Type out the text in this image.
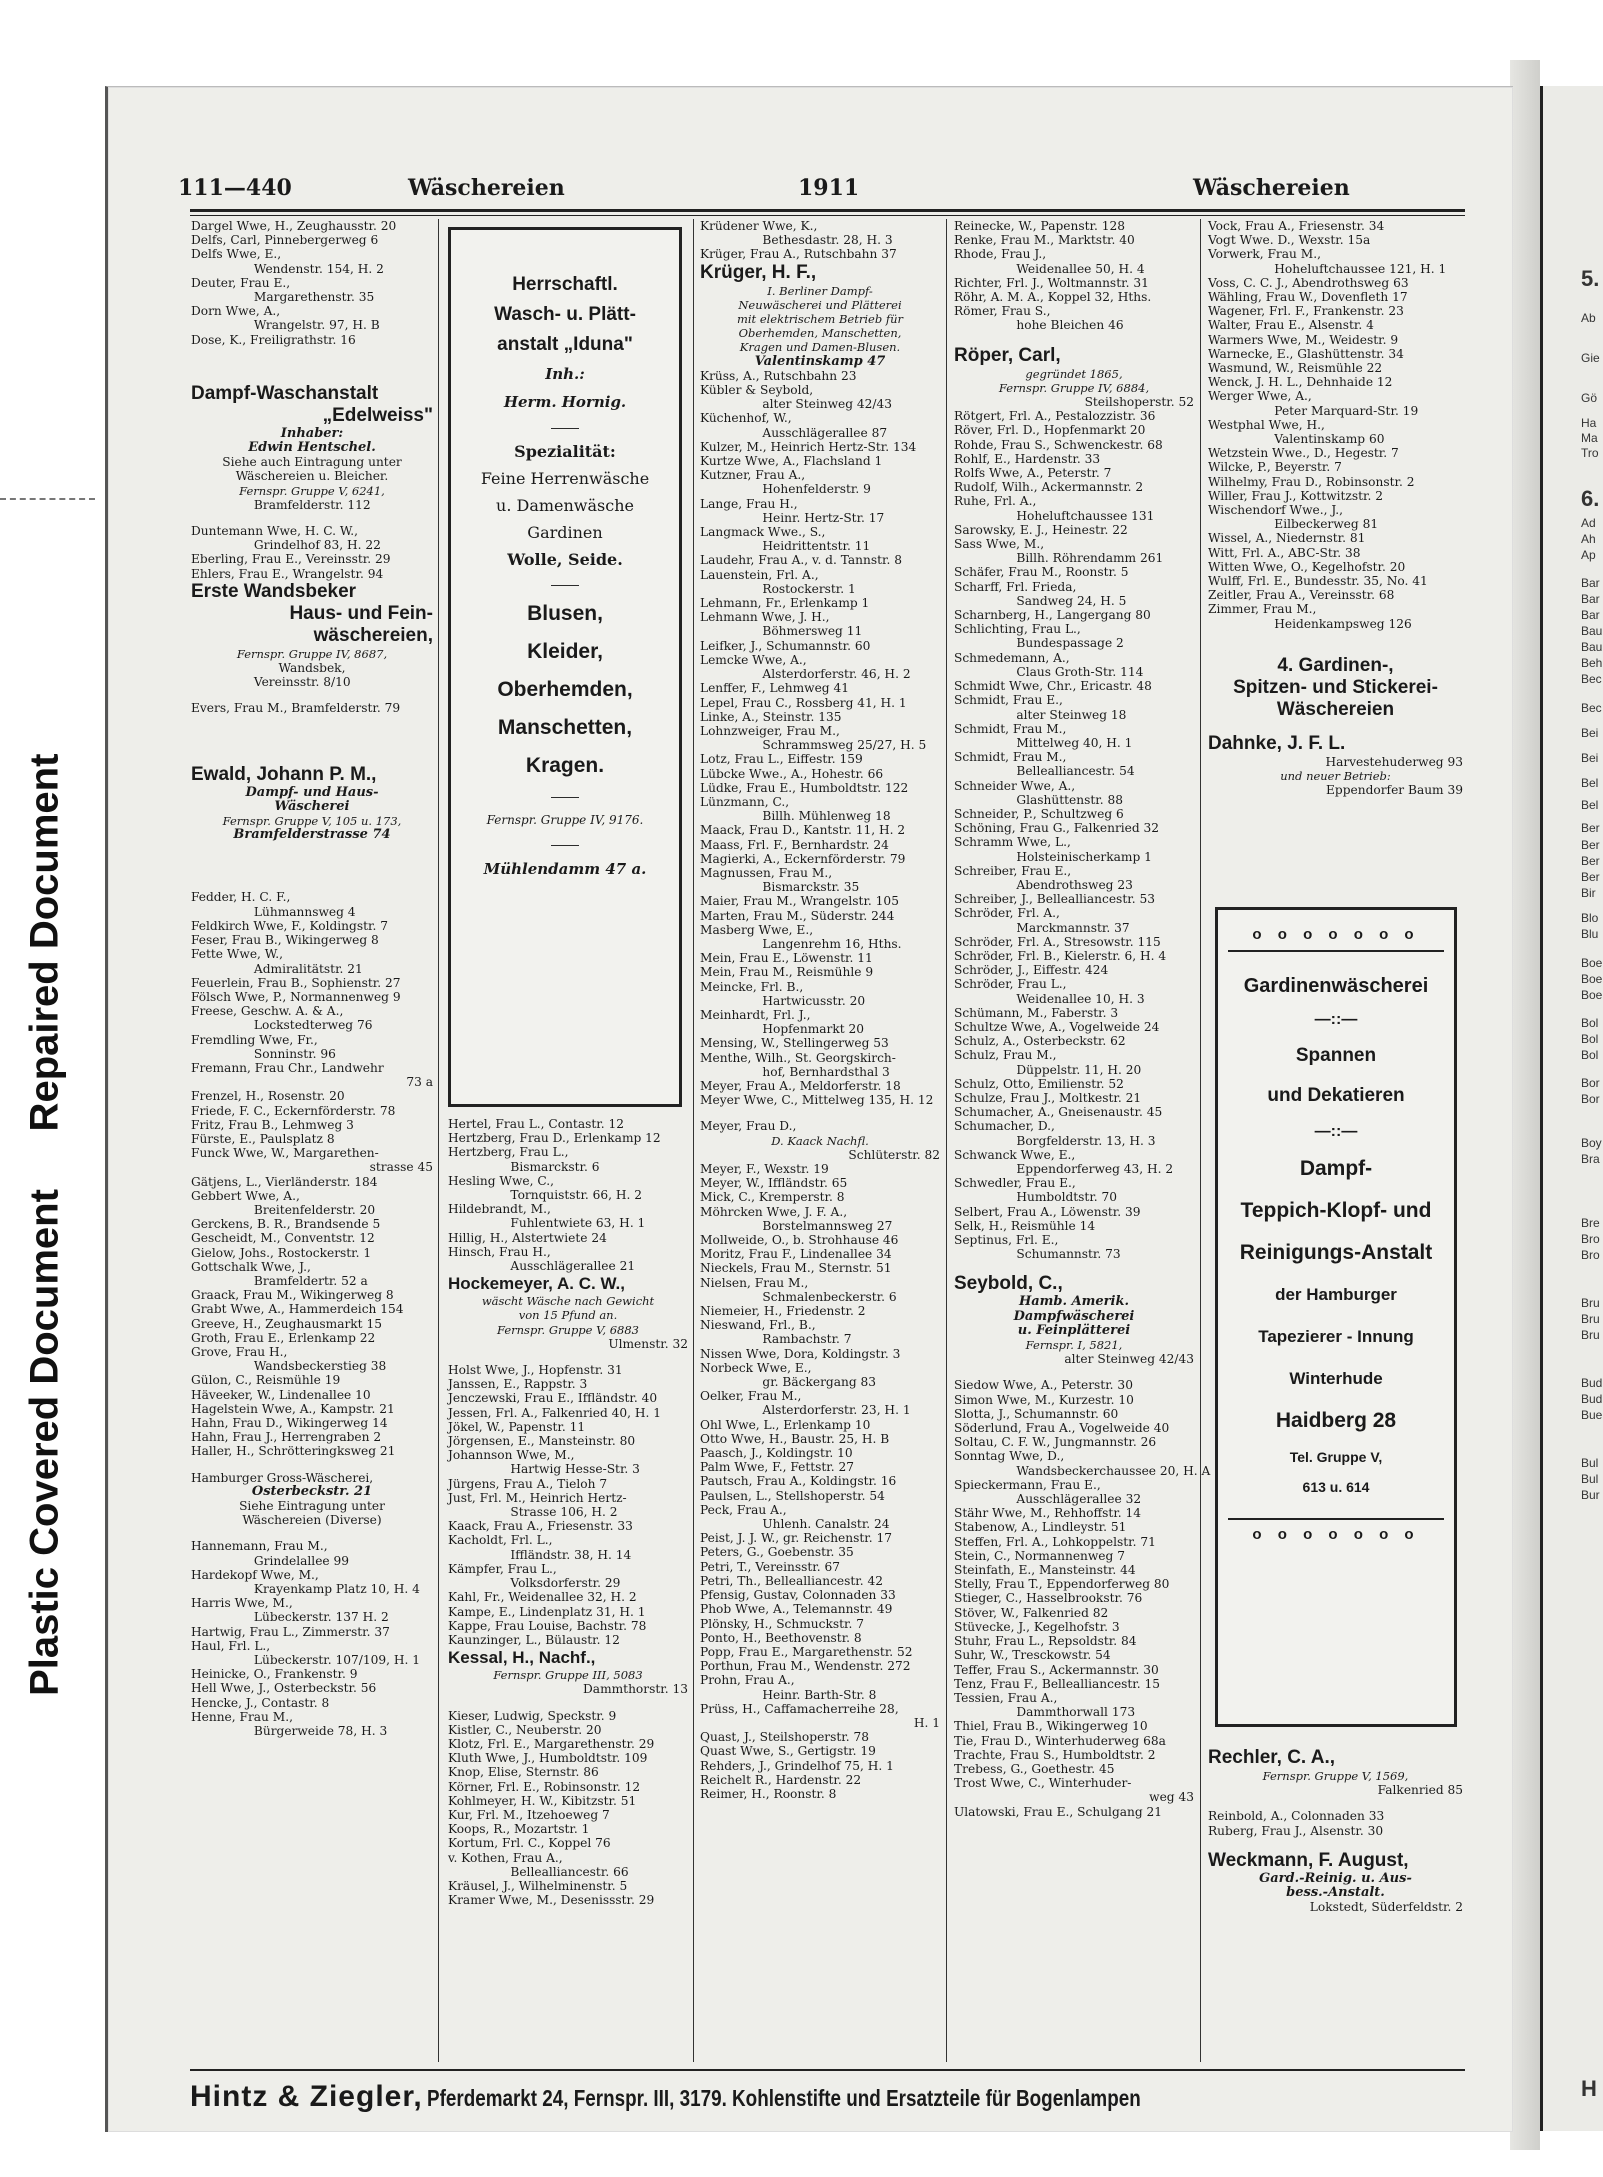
Repaired Document
Plastic Covered Document
5.
Ab
Gie
Gö
Ha
Ma
Tro
6.
Ad
Ah
Ap
Bar
Bar
Bar
Bau
Bau
Beh
Bec
Bec
Bei
Bei
Bel
Bel
Ber
Ber
Ber
Ber
Bir
Blo
Blu
Boe
Boe
Boe
Bol
Bol
Bol
Bor
Bor
Boy
Bra
Bre
Bro
Bro
Bru
Bru
Bru
Bud
Bud
Bue
Bul
Bul
Bur
H
111—440	Wäschereien	1911	Wäschereien
Dargel Wwe, H., Zeughausstr. 20
Delfs, Carl, Pinnebergerweg 6
Delfs Wwe, E.,
Wendenstr. 154, H. 2
Deuter, Frau E.,
Margarethenstr. 35
Dorn Wwe, A.,
Wrangelstr. 97, H. B
Dose, K., Freiligrathstr. 16
Dampf-Waschanstalt
„Edelweiss"
Inhaber:
Edwin Hentschel.
Siehe auch Eintragung unter
Wäschereien u. Bleicher.
Fernspr. Gruppe V, 6241,
Bramfelderstr. 112
Duntemann Wwe, H. C. W.,
Grindelhof 83, H. 22
Eberling, Frau E., Vereinsstr. 29
Ehlers, Frau E., Wrangelstr. 94
Erste Wandsbeker
Haus- und Fein-
wäschereien,
Fernspr. Gruppe IV, 8687,
Wandsbek,
Vereinsstr. 8/10
Evers, Frau M., Bramfelderstr. 79
Ewald, Johann P. M.,
Dampf- und Haus-
Wäscherei
Fernspr. Gruppe V, 105 u. 173,
Bramfelderstrasse 74
Fedder, H. C. F.,
Lühmannsweg 4
Feldkirch Wwe, F., Koldingstr. 7
Feser, Frau B., Wikingerweg 8
Fette Wwe, W.,
Admiralitätstr. 21
Feuerlein, Frau B., Sophienstr. 27
Fölsch Wwe, P., Normannenweg 9
Freese, Geschw. A. & A.,
Lockstedterweg 76
Fremdling Wwe, Fr.,
Sonninstr. 96
Fremann, Frau Chr., Landwehr
73 a
Frenzel, H., Rosenstr. 20
Friede, F. C., Eckernförderstr. 78
Fritz, Frau B., Lehmweg 3
Fürste, E., Paulsplatz 8
Funck Wwe, W., Margarethen-
strasse 45
Gätjens, L., Vierländerstr. 184
Gebbert Wwe, A.,
Breitenfelderstr. 20
Gerckens, B. R., Brandsende 5
Gescheidt, M., Conventstr. 12
Gielow, Johs., Rostockerstr. 1
Gottschalk Wwe, J.,
Bramfeldertr. 52 a
Graack, Frau M., Wikingerweg 8
Grabt Wwe, A., Hammerdeich 154
Greeve, H., Zeughausmarkt 15
Groth, Frau E., Erlenkamp 22
Grove, Frau H.,
Wandsbeckerstieg 38
Gülon, C., Reismühle 19
Häveeker, W., Lindenallee 10
Hagelstein Wwe, A., Kampstr. 21
Hahn, Frau D., Wikingerweg 14
Hahn, Frau J., Herrengraben 2
Haller, H., Schrötteringksweg 21
Hamburger Gross-Wäscherei,
Osterbeckstr. 21
Siehe Eintragung unter
Wäschereien (Diverse)
Hannemann, Frau M.,
Grindelallee 99
Hardekopf Wwe, M.,
Krayenkamp Platz 10, H. 4
Harris Wwe, M.,
Lübeckerstr. 137 H. 2
Hartwig, Frau L., Zimmerstr. 37
Haul, Frl. L.,
Lübeckerstr. 107/109, H. 1
Heinicke, O., Frankenstr. 9
Hell Wwe, J., Osterbeckstr. 56
Hencke, J., Contastr. 8
Henne, Frau M.,
Bürgerweide 78, H. 3
Herrschaftl.
Wasch- u. Plätt-
anstalt „Iduna"
Inh.:
Herm. Hornig.
——
Spezialität:
Feine Herrenwäsche
u. Damenwäsche
Gardinen
Wolle, Seide.
——
Blusen,
Kleider,
Oberhemden,
Manschetten,
Kragen.
——
Fernspr. Gruppe IV, 9176.
——
Mühlendamm 47 a.
Hertel, Frau L., Contastr. 12
Hertzberg, Frau D., Erlenkamp 12
Hertzberg, Frau L.,
Bismarckstr. 6
Hesling Wwe, C.,
Tornquiststr. 66, H. 2
Hildebrandt, M.,
Fuhlentwiete 63, H. 1
Hillig, H., Alstertwiete 24
Hinsch, Frau H.,
Ausschlägerallee 21
Hockemeyer, A. C. W.,
wäscht Wäsche nach Gewicht
von 15 Pfund an.
Fernspr. Gruppe V, 6883
Ulmenstr. 32
Holst Wwe, J., Hopfenstr. 31
Janssen, E., Rappstr. 3
Jenczewski, Frau E., Iffländstr. 40
Jessen, Frl. A., Falkenried 40, H. 1
Jökel, W., Papenstr. 11
Jörgensen, E., Mansteinstr. 80
Johannson Wwe, M.,
Hartwig Hesse-Str. 3
Jürgens, Frau A., Tieloh 7
Just, Frl. M., Heinrich Hertz-
Strasse 106, H. 2
Kaack, Frau A., Friesenstr. 33
Kacholdt, Frl. L.,
Iffländstr. 38, H. 14
Kämpfer, Frau L.,
Volksdorferstr. 29
Kahl, Fr., Weidenallee 32, H. 2
Kampe, E., Lindenplatz 31, H. 1
Kappe, Frau Louise, Bachstr. 78
Kaunzinger, L., Bülaustr. 12
Kessal, H., Nachf.,
Fernspr. Gruppe III, 5083
Dammthorstr. 13
Kieser, Ludwig, Speckstr. 9
Kistler, C., Neuberstr. 20
Klotz, Frl. E., Margarethenstr. 29
Kluth Wwe, J., Humboldtstr. 109
Knop, Elise, Sternstr. 86
Körner, Frl. E., Robinsonstr. 12
Kohlmeyer, H. W., Kibitzstr. 51
Kur, Frl. M., Itzehoeweg 7
Koops, R., Mozartstr. 1
Kortum, Frl. C., Koppel 76
v. Kothen, Frau A.,
Bellealliancestr. 66
Kräusel, J., Wilhelminenstr. 5
Kramer Wwe, M., Desenissstr. 29
Krüdener Wwe, K.,
Bethesdastr. 28, H. 3
Krüger, Frau A., Rutschbahn 37
Krüger, H. F.,
I. Berliner Dampf-
Neuwäscherei und Plätterei
mit elektrischem Betrieb für
Oberhemden, Manschetten,
Kragen und Damen-Blusen.
Valentinskamp 47
Krüss, A., Rutschbahn 23
Kübler & Seybold,
alter Steinweg 42/43
Küchenhof, W.,
Ausschlägerallee 87
Kulzer, M., Heinrich Hertz-Str. 134
Kurtze Wwe, A., Flachsland 1
Kutzner, Frau A.,
Hohenfelderstr. 9
Lange, Frau H.,
Heinr. Hertz-Str. 17
Langmack Wwe., S.,
Heidrittentstr. 11
Laudehr, Frau A., v. d. Tannstr. 8
Lauenstein, Frl. A.,
Rostockerstr. 1
Lehmann, Fr., Erlenkamp 1
Lehmann Wwe, J. H.,
Böhmersweg 11
Leifker, J., Schumannstr. 60
Lemcke Wwe, A.,
Alsterdorferstr. 46, H. 2
Lenffer, F., Lehmweg 41
Lepel, Frau C., Rossberg 41, H. 1
Linke, A., Steinstr. 135
Lohnzweiger, Frau M.,
Schrammsweg 25/27, H. 5
Lotz, Frau L., Eiffestr. 159
Lübcke Wwe., A., Hohestr. 66
Lüdke, Frau E., Humboldtstr. 122
Lünzmann, C.,
Billh. Mühlenweg 18
Maack, Frau D., Kantstr. 11, H. 2
Maass, Frl. F., Bernhardstr. 24
Magierki, A., Eckernförderstr. 79
Magnussen, Frau M.,
Bismarckstr. 35
Maier, Frau M., Wrangelstr. 105
Marten, Frau M., Süderstr. 244
Masberg Wwe, E.,
Langenrehm 16, Hths.
Mein, Frau E., Löwenstr. 11
Mein, Frau M., Reismühle 9
Meincke, Frl. B.,
Hartwicusstr. 20
Meinhardt, Frl. J.,
Hopfenmarkt 20
Mensing, W., Stellingerweg 53
Menthe, Wilh., St. Georgskirch-
hof, Bernhardsthal 3
Meyer, Frau A., Meldorferstr. 18
Meyer Wwe, C., Mittelweg 135, H. 12
Meyer, Frau D.,
D. Kaack Nachfl.
Schlüterstr. 82
Meyer, F., Wexstr. 19
Meyer, W., Iffländstr. 65
Mick, C., Kremperstr. 8
Möhrcken Wwe, J. F. A.,
Borstelmannsweg 27
Mollweide, O., b. Strohhause 46
Moritz, Frau F., Lindenallee 34
Nieckels, Frau M., Sternstr. 51
Nielsen, Frau M.,
Schmalenbeckerstr. 6
Niemeier, H., Friedenstr. 2
Nieswand, Frl., B.,
Rambachstr. 7
Nissen Wwe, Dora, Koldingstr. 3
Norbeck Wwe, E.,
gr. Bäckergang 83
Oelker, Frau M.,
Alsterdorferstr. 23, H. 1
Ohl Wwe, L., Erlenkamp 10
Otto Wwe, H., Baustr. 25, H. B
Paasch, J., Koldingstr. 10
Palm Wwe, F., Fettstr. 27
Pautsch, Frau A., Koldingstr. 16
Paulsen, L., Stellshoperstr. 54
Peck, Frau A.,
Uhlenh. Canalstr. 24
Peist, J. J. W., gr. Reichenstr. 17
Peters, G., Goebenstr. 35
Petri, T., Vereinsstr. 67
Petri, Th., Bellealliancestr. 42
Pfensig, Gustav, Colonnaden 33
Phob Wwe, A., Telemannstr. 49
Plönsky, H., Schmuckstr. 7
Ponto, H., Beethovenstr. 8
Popp, Frau E., Margarethenstr. 52
Porthun, Frau M., Wendenstr. 272
Prohn, Frau A.,
Heinr. Barth-Str. 8
Prüss, H., Caffamacherreihe 28,
H. 1
Quast, J., Steilshoperstr. 78
Quast Wwe, S., Gertigstr. 19
Rehders, J., Grindelhof 75, H. 1
Reichelt R., Hardenstr. 22
Reimer, H., Roonstr. 8
Reinecke, W., Papenstr. 128
Renke, Frau M., Marktstr. 40
Rhode, Frau J.,
Weidenallee 50, H. 4
Richter, Frl. J., Woltmannstr. 31
Röhr, A. M. A., Koppel 32, Hths.
Römer, Frau S.,
hohe Bleichen 46
Röper, Carl,
gegründet 1865,
Fernspr. Gruppe IV, 6884,
Steilshoperstr. 52
Rötgert, Frl. A., Pestalozzistr. 36
Röver, Frl. D., Hopfenmarkt 20
Rohde, Frau S., Schwenckestr. 68
Rohlf, E., Hardenstr. 33
Rolfs Wwe, A., Peterstr. 7
Rudolf, Wilh., Ackermannstr. 2
Ruhe, Frl. A.,
Hoheluftchaussee 131
Sarowsky, E. J., Heinestr. 22
Sass Wwe, M.,
Billh. Röhrendamm 261
Schäfer, Frau M., Roonstr. 5
Scharff, Frl. Frieda,
Sandweg 24, H. 5
Scharnberg, H., Langergang 80
Schlichting, Frau L.,
Bundespassage 2
Schmedemann, A.,
Claus Groth-Str. 114
Schmidt Wwe, Chr., Ericastr. 48
Schmidt, Frau E.,
alter Steinweg 18
Schmidt, Frau M.,
Mittelweg 40, H. 1
Schmidt, Frau M.,
Bellealliancestr. 54
Schneider Wwe, A.,
Glashüttenstr. 88
Schneider, P., Schultzweg 6
Schöning, Frau G., Falkenried 32
Schramm Wwe, L.,
Holsteinischerkamp 1
Schreiber, Frau E.,
Abendrothsweg 23
Schreiber, J., Bellealliancestr. 53
Schröder, Frl. A.,
Marckmannstr. 37
Schröder, Frl. A., Stresowstr. 115
Schröder, Frl. B., Kielerstr. 6, H. 4
Schröder, J., Eiffestr. 424
Schröder, Frau L.,
Weidenallee 10, H. 3
Schümann, M., Faberstr. 3
Schultze Wwe, A., Vogelweide 24
Schulz, A., Osterbeckstr. 62
Schulz, Frau M.,
Düppelstr. 11, H. 20
Schulz, Otto, Emilienstr. 52
Schulze, Frau J., Moltkestr. 21
Schumacher, A., Gneisenaustr. 45
Schumacher, D.,
Borgfelderstr. 13, H. 3
Schwanck Wwe, E.,
Eppendorferweg 43, H. 2
Schwedler, Frau E.,
Humboldtstr. 70
Selbert, Frau A., Löwenstr. 39
Selk, H., Reismühle 14
Septinus, Frl. E.,
Schumannstr. 73
Seybold, C.,
Hamb. Amerik.
Dampfwäscherei
u. Feinplätterei
Fernspr. I, 5821,
alter Steinweg 42/43
Siedow Wwe, A., Peterstr. 30
Simon Wwe, M., Kurzestr. 10
Slotta, J., Schumannstr. 60
Söderlund, Frau A., Vogelweide 40
Soltau, C. F. W., Jungmannstr. 26
Sonntag Wwe, D.,
Wandsbeckerchaussee 20, H. A
Spieckermann, Frau E.,
Ausschlägerallee 32
Stähr Wwe, M., Rehhoffstr. 14
Stabenow, A., Lindleystr. 51
Steffen, Frl. A., Lohkoppelstr. 71
Stein, C., Normannenweg 7
Steinfath, E., Mansteinstr. 44
Stelly, Frau T., Eppendorferweg 80
Stieger, C., Hasselbrookstr. 76
Stöver, W., Falkenried 82
Stüvecke, J., Kegelhofstr. 3
Stuhr, Frau L., Repsoldstr. 84
Suhr, W., Tresckowstr. 54
Teffer, Frau S., Ackermannstr. 30
Tenz, Frau F., Bellealliancestr. 15
Tessien, Frau A.,
Dammthorwall 173
Thiel, Frau B., Wikingerweg 10
Tie, Frau D., Winterhuderweg 68a
Trachte, Frau S., Humboldtstr. 2
Trebess, G., Goethestr. 45
Trost Wwe, C., Winterhuder-
weg 43
Ulatowski, Frau E., Schulgang 21
Vock, Frau A., Friesenstr. 34
Vogt Wwe. D., Wexstr. 15a
Vorwerk, Frau M.,
Hoheluftchaussee 121, H. 1
Voss, C. C. J., Abendrothsweg 63
Wähling, Frau W., Dovenfleth 17
Wagener, Frl. F., Frankenstr. 23
Walter, Frau E., Alsenstr. 4
Warmers Wwe, M., Weidestr. 9
Warnecke, E., Glashüttenstr. 34
Wasmund, W., Reismühle 22
Wenck, J. H. L., Dehnhaide 12
Werger Wwe, A.,
Peter Marquard-Str. 19
Westphal Wwe, H.,
Valentinskamp 60
Wetzstein Wwe., D., Hegestr. 7
Wilcke, P., Beyerstr. 7
Wilhelmy, Frau D., Robinsonstr. 2
Willer, Frau J., Kottwitzstr. 2
Wischendorf Wwe., J.,
Eilbeckerweg 81
Wissel, A., Niedernstr. 81
Witt, Frl. A., ABC-Str. 38
Witten Wwe, O., Kegelhofstr. 20
Wulff, Frl. E., Bundesstr. 35, No. 41
Zeitler, Frau A., Vereinsstr. 68
Zimmer, Frau M.,
Heidenkampsweg 126
4. Gardinen-,
Spitzen- und Stickerei-
Wäschereien
Dahnke, J. F. L.
Harvestehuderweg 93
und neuer Betrieb:
Eppendorfer Baum 39
o o o o o o o
Gardinenwäscherei
—::—
Spannen
und Dekatieren
—::—
Dampf-
Teppich-Klopf- und
Reinigungs-Anstalt
der Hamburger
Tapezierer - Innung
Winterhude
Haidberg 28
Tel. Gruppe V,
613 u. 614
o o o o o o o
Rechler, C. A.,
Fernspr. Gruppe V, 1569,
Falkenried 85
Reinbold, A., Colonnaden 33
Ruberg, Frau J., Alsenstr. 30
Weckmann, F. August,
Gard.-Reinig. u. Aus-
bess.-Anstalt.
Lokstedt, Süderfeldstr. 2
Hintz & Ziegler, Pferdemarkt 24, Fernspr. III, 3179. Kohlenstifte und Ersatzteile für Bogenlampen
